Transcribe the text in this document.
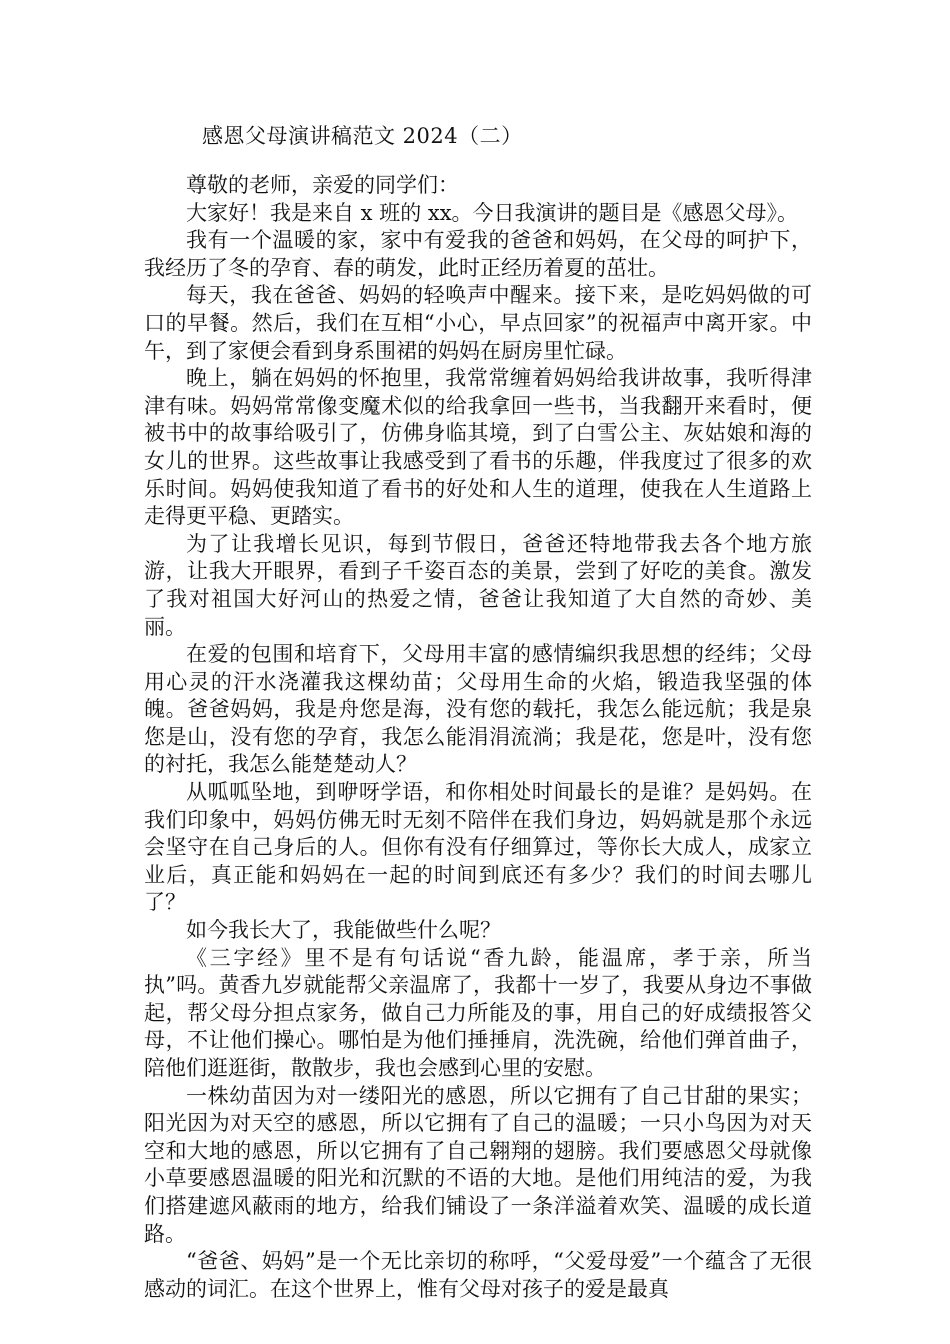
感恩父母演讲稿范文 2024（二）

尊敬的老师，亲爱的同学们：

大家好！我是来自 x 班的 xx。今日我演讲的题目是《感恩父母》。

我有一个温暖的家，家中有爱我的爸爸和妈妈，在父母的呵护下，我经历了冬的孕育、春的萌发，此时正经历着夏的茁壮。

每天，我在爸爸、妈妈的轻唤声中醒来。接下来，是吃妈妈做的可口的早餐。然后，我们在互相“小心，早点回家”的祝福声中离开家。中午，到了家便会看到身系围裙的妈妈在厨房里忙碌。

晚上，躺在妈妈的怀抱里，我常常缠着妈妈给我讲故事，我听得津津有味。妈妈常常像变魔术似的给我拿回一些书，当我翻开来看时，便被书中的故事给吸引了，仿佛身临其境，到了白雪公主、灰姑娘和海的女儿的世界。这些故事让我感受到了看书的乐趣，伴我度过了很多的欢乐时间。妈妈使我知道了看书的好处和人生的道理，使我在人生道路上走得更平稳、更踏实。

为了让我增长见识，每到节假日，爸爸还特地带我去各个地方旅游，让我大开眼界，看到子千姿百态的美景，尝到了好吃的美食。激发了我对祖国大好河山的热爱之情，爸爸让我知道了大自然的奇妙、美丽。

在爱的包围和培育下，父母用丰富的感情编织我思想的经纬；父母用心灵的汗水浇灌我这棵幼苗；父母用生命的火焰，锻造我坚强的体魄。爸爸妈妈，我是舟您是海，没有您的载托，我怎么能远航；我是泉您是山，没有您的孕育，我怎么能涓涓流淌；我是花，您是叶，没有您的衬托，我怎么能楚楚动人？

从呱呱坠地，到咿呀学语，和你相处时间最长的是谁？是妈妈。在我们印象中，妈妈仿佛无时无刻不陪伴在我们身边，妈妈就是那个永远会坚守在自己身后的人。但你有没有仔细算过，等你长大成人，成家立业后，真正能和妈妈在一起的时间到底还有多少？我们的时间去哪儿了？

如今我长大了，我能做些什么呢？

《三字经》里不是有句话说“香九龄，能温席，孝于亲，所当执”吗。黄香九岁就能帮父亲温席了，我都十一岁了，我要从身边不事做起，帮父母分担点家务，做自己力所能及的事，用自己的好成绩报答父母，不让他们操心。哪怕是为他们捶捶肩，洗洗碗，给他们弹首曲子，陪他们逛逛街，散散步，我也会感到心里的安慰。

一株幼苗因为对一缕阳光的感恩，所以它拥有了自己甘甜的果实；阳光因为对天空的感恩，所以它拥有了自己的温暖；一只小鸟因为对天空和大地的感恩，所以它拥有了自己翱翔的翅膀。我们要感恩父母就像小草要感恩温暖的阳光和沉默的不语的大地。是他们用纯洁的爱，为我们搭建遮风蔽雨的地方，给我们铺设了一条洋溢着欢笑、温暖的成长道路。

“爸爸、妈妈”是一个无比亲切的称呼，“父爱母爱”一个蕴含了无很感动的词汇。在这个世界上，惟有父母对孩子的爱是最真
